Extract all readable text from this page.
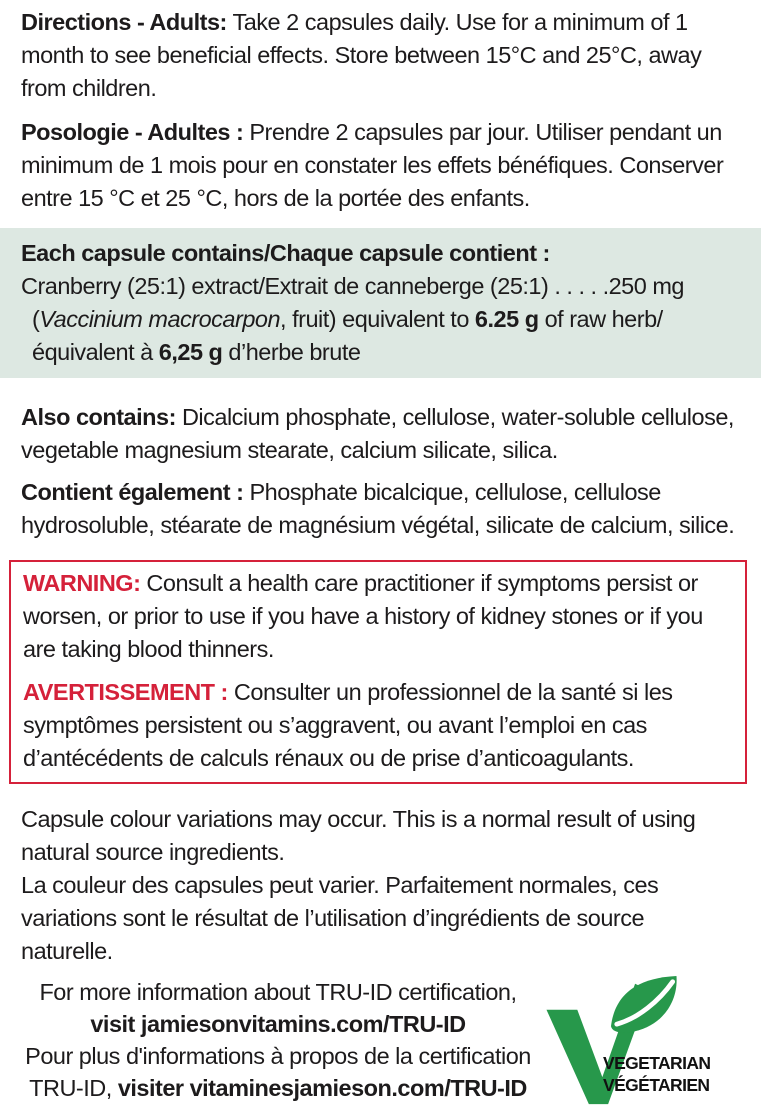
Directions - Adults: Take 2 capsules daily. Use for a minimum of 1 month to see beneficial effects. Store between 15°C and 25°C, away from children.

Posologie - Adultes : Prendre 2 capsules par jour. Utiliser pendant un minimum de 1 mois pour en constater les effets bénéfiques. Conserver entre 15 °C et 25 °C, hors de la portée des enfants.

Each capsule contains/Chaque capsule contient :
Cranberry (25:1) extract/Extrait de canneberge (25:1) . . . . .250 mg
(Vaccinium macrocarpon, fruit) equivalent to 6.25 g of raw herb/
équivalent à 6,25 g d’herbe brute

Also contains: Dicalcium phosphate, cellulose, water-soluble cellulose, vegetable magnesium stearate, calcium silicate, silica.

Contient également : Phosphate bicalcique, cellulose, cellulose hydrosoluble, stéarate de magnésium végétal, silicate de calcium, silice.

WARNING: Consult a health care practitioner if symptoms persist or worsen, or prior to use if you have a history of kidney stones or if you are taking blood thinners.

AVERTISSEMENT : Consulter un professionnel de la santé si les symptômes persistent ou s’aggravent, ou avant l’emploi en cas d’antécédents de calculs rénaux ou de prise d’anticoagulants.

Capsule colour variations may occur. This is a normal result of using natural source ingredients.

La couleur des capsules peut varier. Parfaitement normales, ces variations sont le résultat de l’utilisation d’ingrédients de source naturelle.

For more information about TRU-ID certification,
visit jamiesonvitamins.com/TRU-ID
Pour plus d'informations à propos de la certification
TRU-ID, visiter vitaminesjamieson.com/TRU-ID
VEGETARIAN
VÉGÉTARIEN
